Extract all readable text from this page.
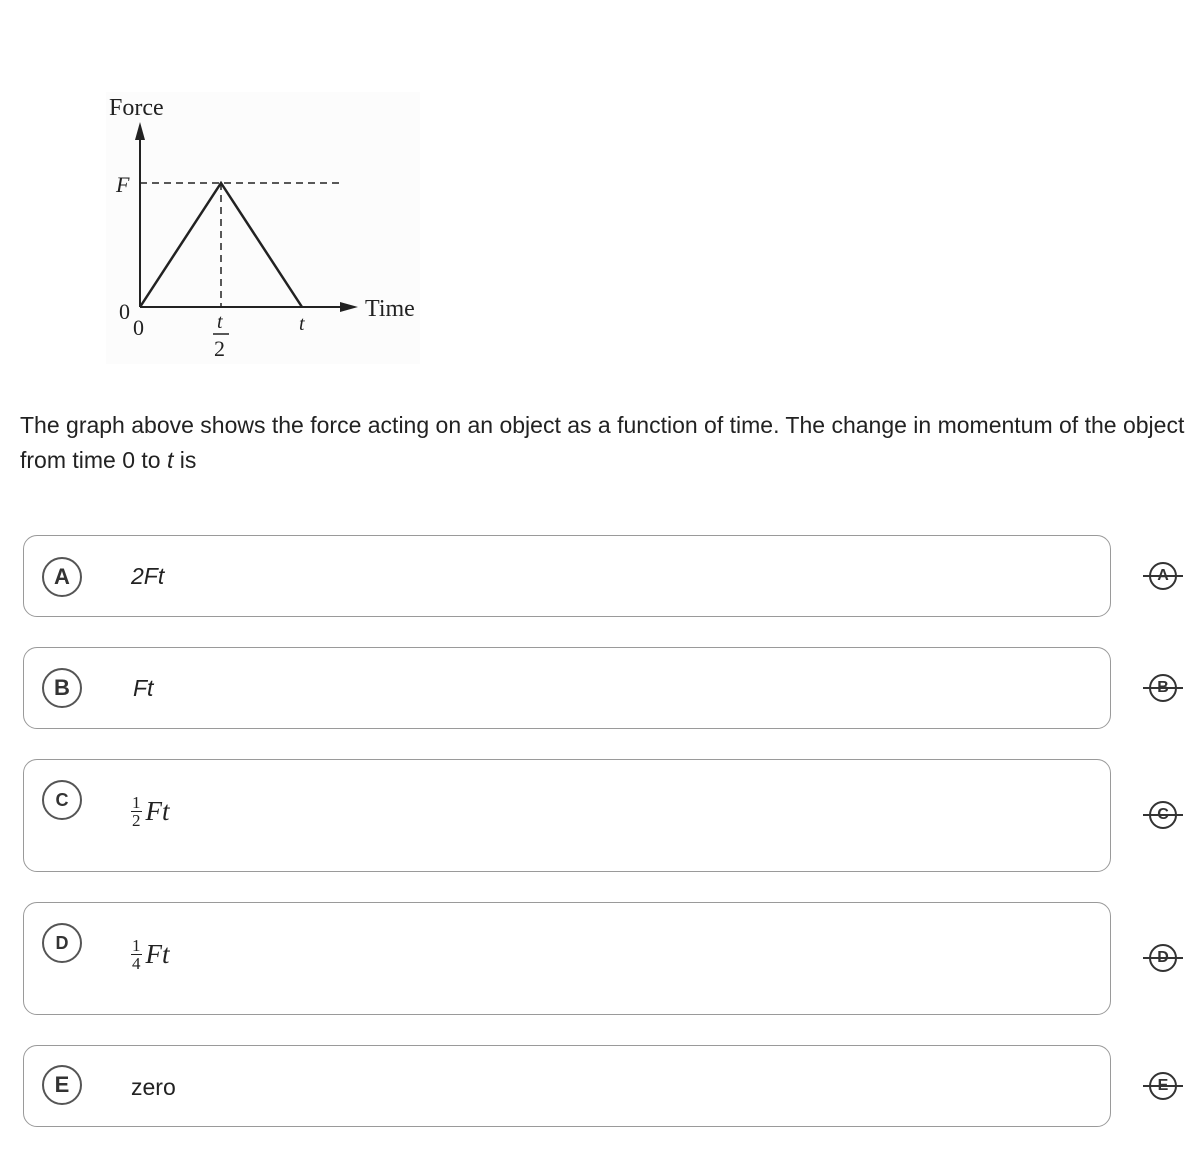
Force
Time
F
0
0	t
2
t
The graph above shows the force acting on an object as a function of time. The change in momentum of the object from time 0 to t is
A	2Ft	A
B	Ft	B
C	$\frac{1}{2}$ Ft	C
D	$\frac{1}{4}$ Ft	D
E	zero	E
